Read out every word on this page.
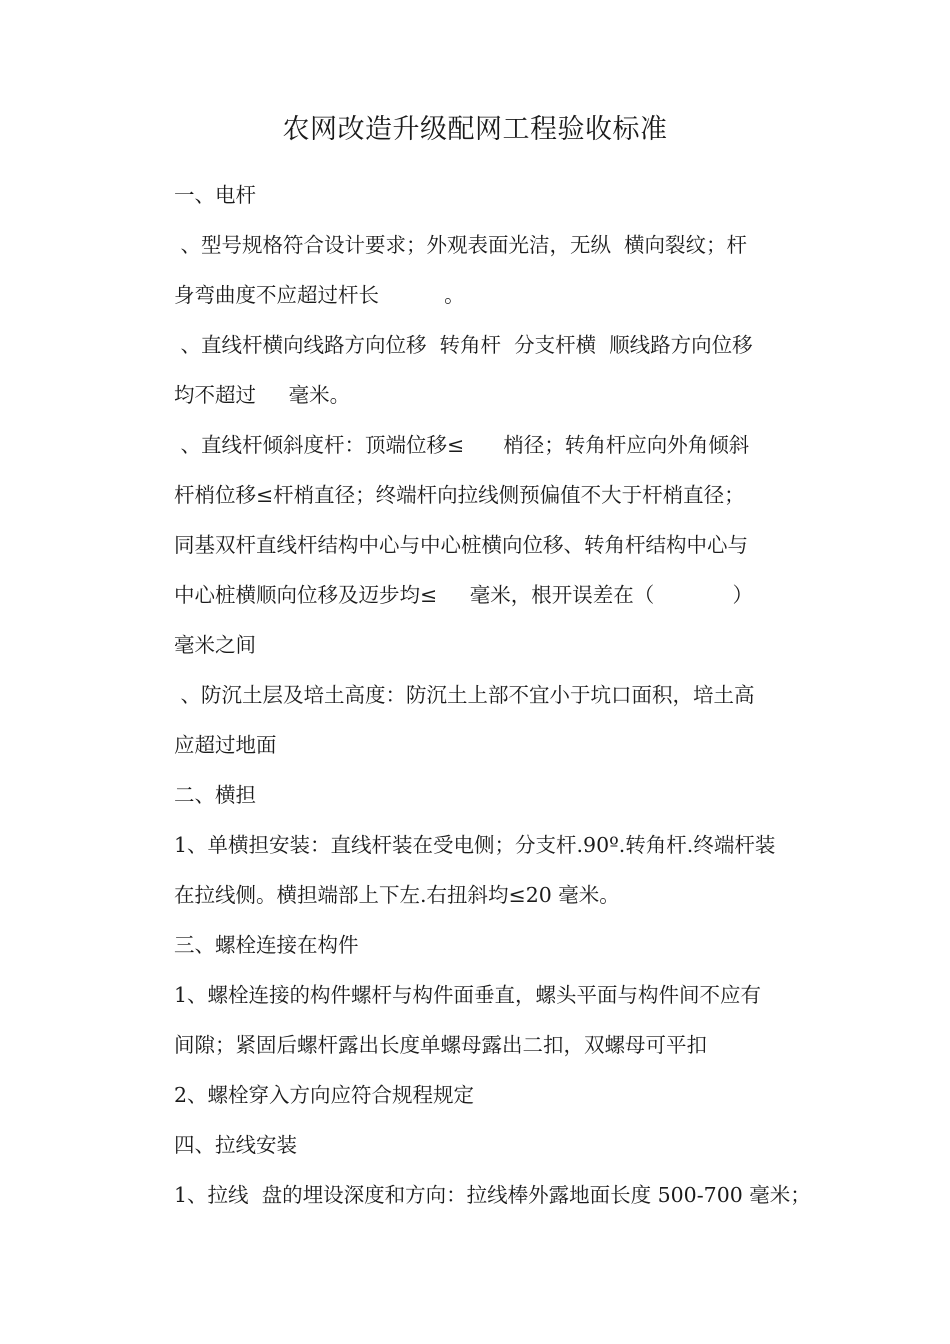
农网改造升级配网工程验收标准
一、电杆
、型号规格符合设计要求；外观表面光洁，无纵  横向裂纹；杆
身弯曲度不应超过杆长          。
、直线杆横向线路方向位移  转角杆  分支杆横  顺线路方向位移
均不超过     毫米。
、直线杆倾斜度杆：顶端位移≤      梢径；转角杆应向外角倾斜
杆梢位移≤杆梢直径；终端杆向拉线侧预偏值不大于杆梢直径；
同基双杆直线杆结构中心与中心桩横向位移、转角杆结构中心与
中心桩横顺向位移及迈步均≤     毫米，根开误差在（            ）
毫米之间
、防沉土层及培土高度：防沉土上部不宜小于坑口面积，培土高
应超过地面
二、横担
1、单横担安装：直线杆装在受电侧；分支杆.90º.转角杆.终端杆装
在拉线侧。横担端部上下左.右扭斜均≤20 毫米。
三、螺栓连接在构件
1、螺栓连接的构件螺杆与构件面垂直，螺头平面与构件间不应有
间隙；紧固后螺杆露出长度单螺母露出二扣，双螺母可平扣
2、螺栓穿入方向应符合规程规定
四、拉线安装
1、拉线  盘的埋设深度和方向：拉线棒外露地面长度 500-700 毫米；
